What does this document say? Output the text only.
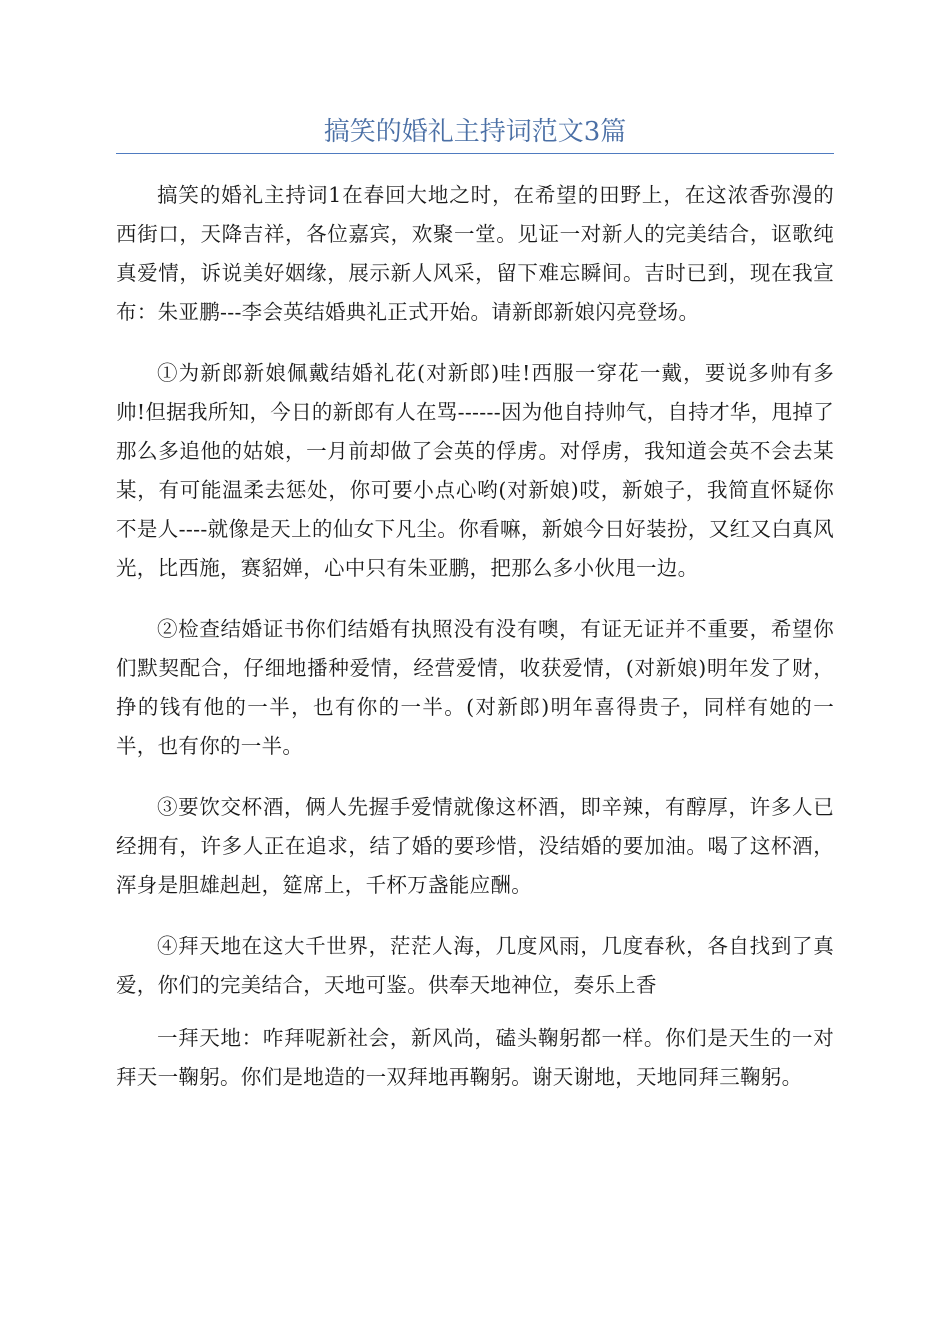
搞笑的婚礼主持词范文3篇

搞笑的婚礼主持词1在春回大地之时，在希望的田野上，在这浓香弥漫的西街口，天降吉祥，各位嘉宾，欢聚一堂。见证一对新人的完美结合，讴歌纯真爱情，诉说美好姻缘，展示新人风采，留下难忘瞬间。吉时已到，现在我宣布：朱亚鹏---李会英结婚典礼正式开始。请新郎新娘闪亮登场。

①为新郎新娘佩戴结婚礼花(对新郎)哇!西服一穿花一戴，要说多帅有多帅!但据我所知，今日的新郎有人在骂------因为他自持帅气，自持才华，甩掉了那么多追他的姑娘，一月前却做了会英的俘虏。对俘虏，我知道会英不会去某某，有可能温柔去惩处，你可要小点心哟(对新娘)哎，新娘子，我简直怀疑你不是人----就像是天上的仙女下凡尘。你看嘛，新娘今日好装扮，又红又白真风光，比西施，赛貂婵，心中只有朱亚鹏，把那么多小伙甩一边。

②检查结婚证书你们结婚有执照没有没有噢，有证无证并不重要，希望你们默契配合，仔细地播种爱情，经营爱情，收获爱情，(对新娘)明年发了财，挣的钱有他的一半，也有你的一半。(对新郎)明年喜得贵子，同样有她的一半，也有你的一半。

③要饮交杯酒，俩人先握手爱情就像这杯酒，即辛辣，有醇厚，许多人已经拥有，许多人正在追求，结了婚的要珍惜，没结婚的要加油。喝了这杯酒，浑身是胆雄赳赳，筵席上，千杯万盏能应酬。

④拜天地在这大千世界，茫茫人海，几度风雨，几度春秋，各自找到了真爱，你们的完美结合，天地可鉴。供奉天地神位，奏乐上香

一拜天地：咋拜呢新社会，新风尚，磕头鞠躬都一样。你们是天生的一对拜天一鞠躬。你们是地造的一双拜地再鞠躬。谢天谢地，天地同拜三鞠躬。
